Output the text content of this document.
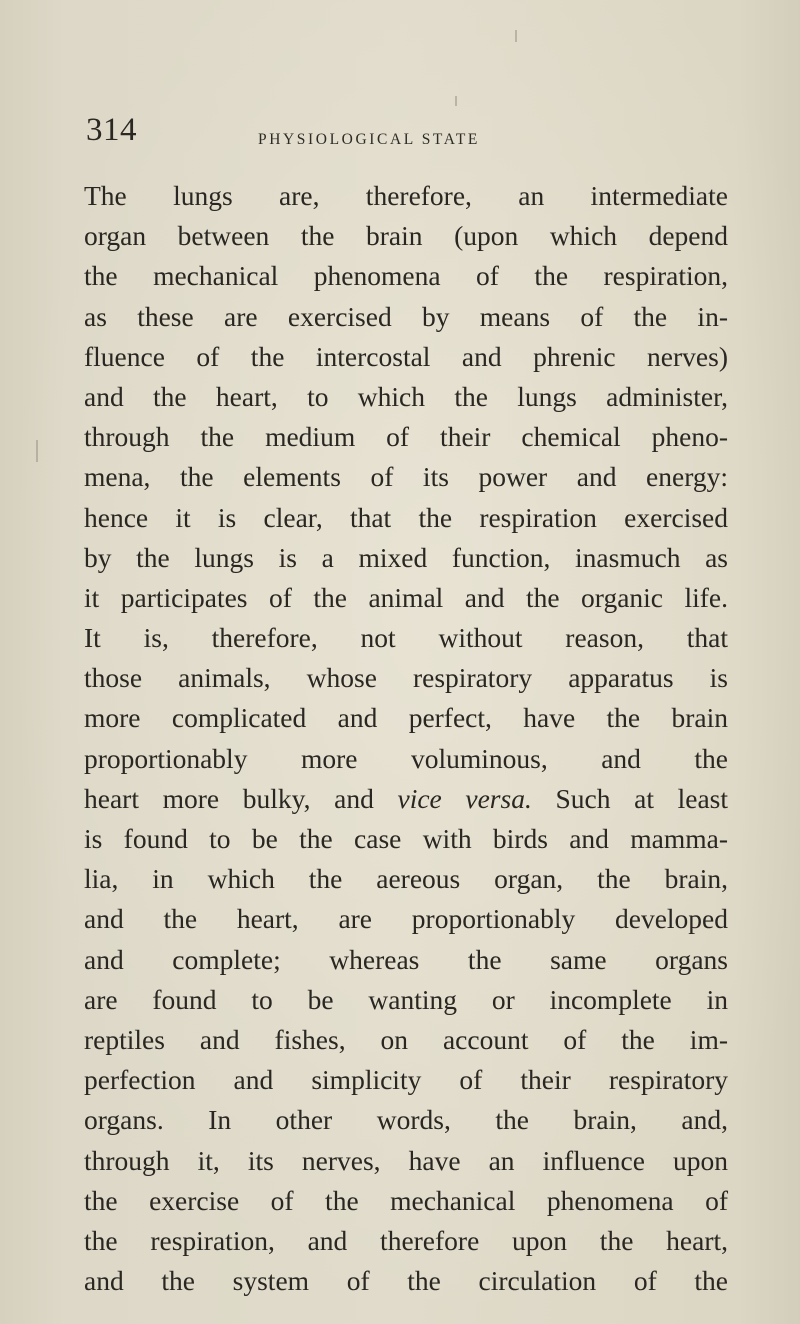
314	PHYSIOLOGICAL STATE
The lungs are, therefore, an intermediate
organ between the brain (upon which depend
the mechanical phenomena of the respiration,
as these are exercised by means of the in-
fluence of the intercostal and phrenic nerves)
and the heart, to which the lungs administer,
through the medium of their chemical pheno-
mena, the elements of its power and energy:
hence it is clear, that the respiration exercised
by the lungs is a mixed function, inasmuch as
it participates of the animal and the organic life.
It is, therefore, not without reason, that
those animals, whose respiratory apparatus is
more complicated and perfect, have the brain
proportionably more voluminous, and the
heart more bulky, and vice versa. Such at least
is found to be the case with birds and mamma-
lia, in which the aereous organ, the brain,
and the heart, are proportionably developed
and complete; whereas the same organs
are found to be wanting or incomplete in
reptiles and fishes, on account of the im-
perfection and simplicity of their respiratory
organs. In other words, the brain, and,
through it, its nerves, have an influence upon
the exercise of the mechanical phenomena of
the respiration, and therefore upon the heart,
and the system of the circulation of the
